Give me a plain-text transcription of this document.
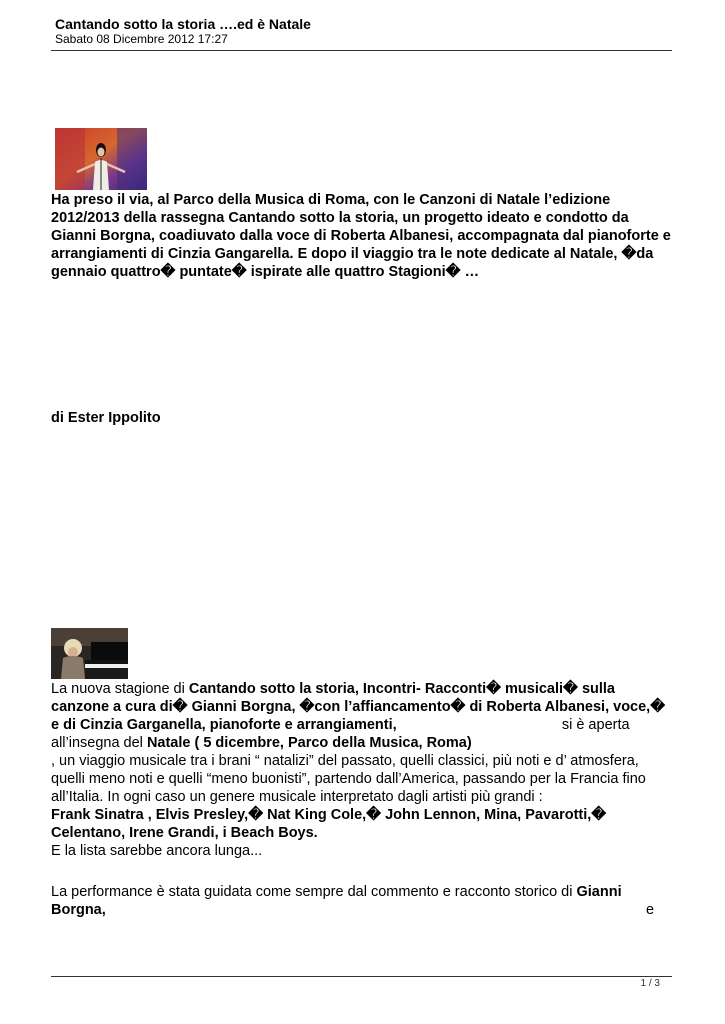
Cantando sotto la storia ….ed è Natale
Sabato 08 Dicembre 2012 17:27

Ha preso il via, al Parco della Musica di Roma, con le Canzoni di Natale l’edizione 2012/2013 della rassegna Cantando sotto la storia, un progetto ideato e condotto da Gianni Borgna, coadiuvato dalla voce di Roberta Albanesi, accompagnata dal pianoforte e arrangiamenti di Cinzia Gangarella. E dopo il viaggio tra le note dedicate al Natale, �da gennaio quattro� puntate� ispirate alle quattro Stagioni� …

di Ester Ippolito

La nuova stagione di Cantando sotto la storia, Incontri- Racconti� musicali� sulla canzone a cura di� Gianni Borgna, �con l’affiancamento� di Roberta Albanesi, voce,� e di Cinzia Garganella, pianoforte e arrangiamenti,	si è aperta all’insegna del Natale ( 5 dicembre, Parco della Musica, Roma)
, un viaggio musicale tra i brani “ natalizi” del passato, quelli classici, più noti e d’ atmosfera, quelli meno noti e quelli “meno buonisti”, partendo dall’America, passando per la Francia fino all’Italia. In ogni caso un genere musicale interpretato dagli artisti più grandi :
Frank Sinatra , Elvis Presley,� Nat King Cole,� John Lennon, Mina, Pavarotti,� Celentano, Irene Grandi, i Beach Boys.
E la lista sarebbe ancora lunga...

La performance è stata guidata come sempre dal commento e racconto storico di Gianni Borgna,	e

1 / 3
